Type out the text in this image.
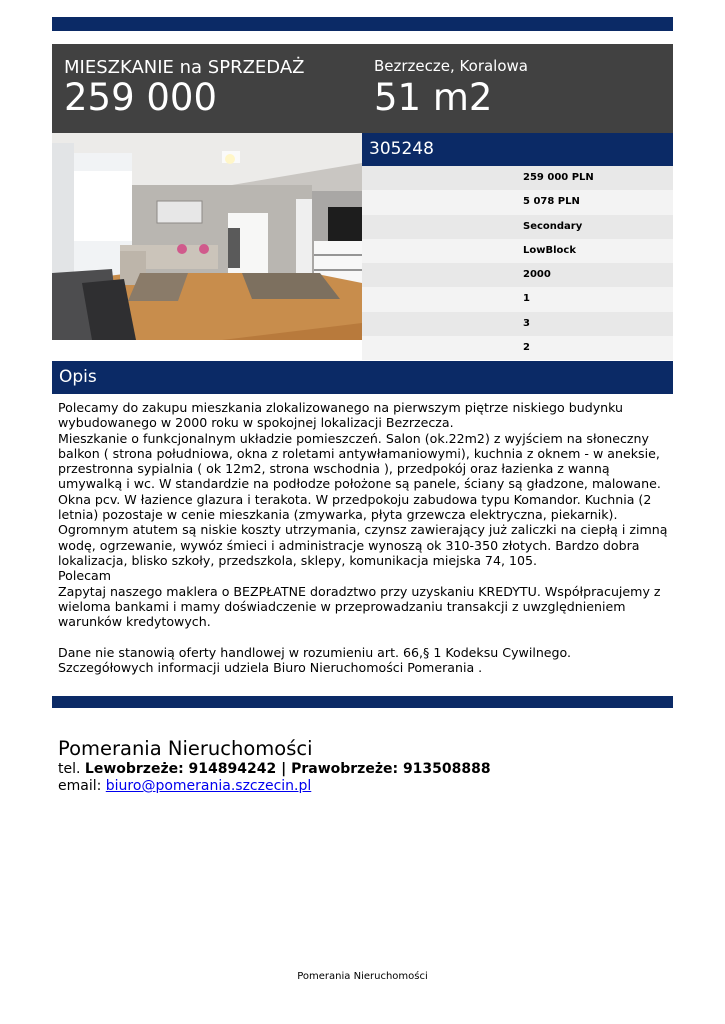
MIESZKANIE na SPRZEDAŻ
259 000
Bezrzecze, Koralowa
51 m2
305248
259 000 PLN
5 078 PLN
Secondary
LowBlock
2000
1
3
2
Opis

Polecamy do zakupu mieszkania zlokalizowanego na pierwszym piętrze niskiego budynku wybudowanego w 2000 roku w spokojnej lokalizacji Bezrzecza.

Mieszkanie o funkcjonalnym układzie pomieszczeń. Salon (ok.22m2) z wyjściem na słoneczny balkon ( strona południowa, okna z roletami antywłamaniowymi), kuchnia z oknem - w aneksie, przestronna sypialnia ( ok 12m2, strona wschodnia ), przedpokój oraz łazienka z wanną umywalką i wc. W standardzie na podłodze położone są panele, ściany są gładzone, malowane. Okna pcv. W łazience glazura i terakota. W przedpokoju zabudowa typu Komandor. Kuchnia (2 letnia) pozostaje w cenie mieszkania (zmywarka, płyta grzewcza elektryczna, piekarnik). Ogromnym atutem są niskie koszty utrzymania, czynsz zawierający już zaliczki na ciepłą i zimną wodę, ogrzewanie, wywóz śmieci i administracje wynoszą ok 310-350 złotych. Bardzo dobra lokalizacja, blisko szkoły, przedszkola, sklepy, komunikacja miejska 74, 105.

Polecam

Zapytaj naszego maklera o BEZPŁATNE doradztwo przy uzyskaniu KREDYTU. Współpracujemy z wieloma bankami i mamy doświadczenie w przeprowadzaniu transakcji z uwzględnieniem warunków kredytowych.

Dane nie stanowią oferty handlowej w rozumieniu art. 66,§ 1 Kodeksu Cywilnego. Szczegółowych informacji udziela Biuro Nieruchomości Pomerania .

Pomerania Nieruchomości
tel. Lewobrzeże: 914894242 | Prawobrzeże: 913508888
email: biuro@pomerania.szczecin.pl
Pomerania Nieruchomości
